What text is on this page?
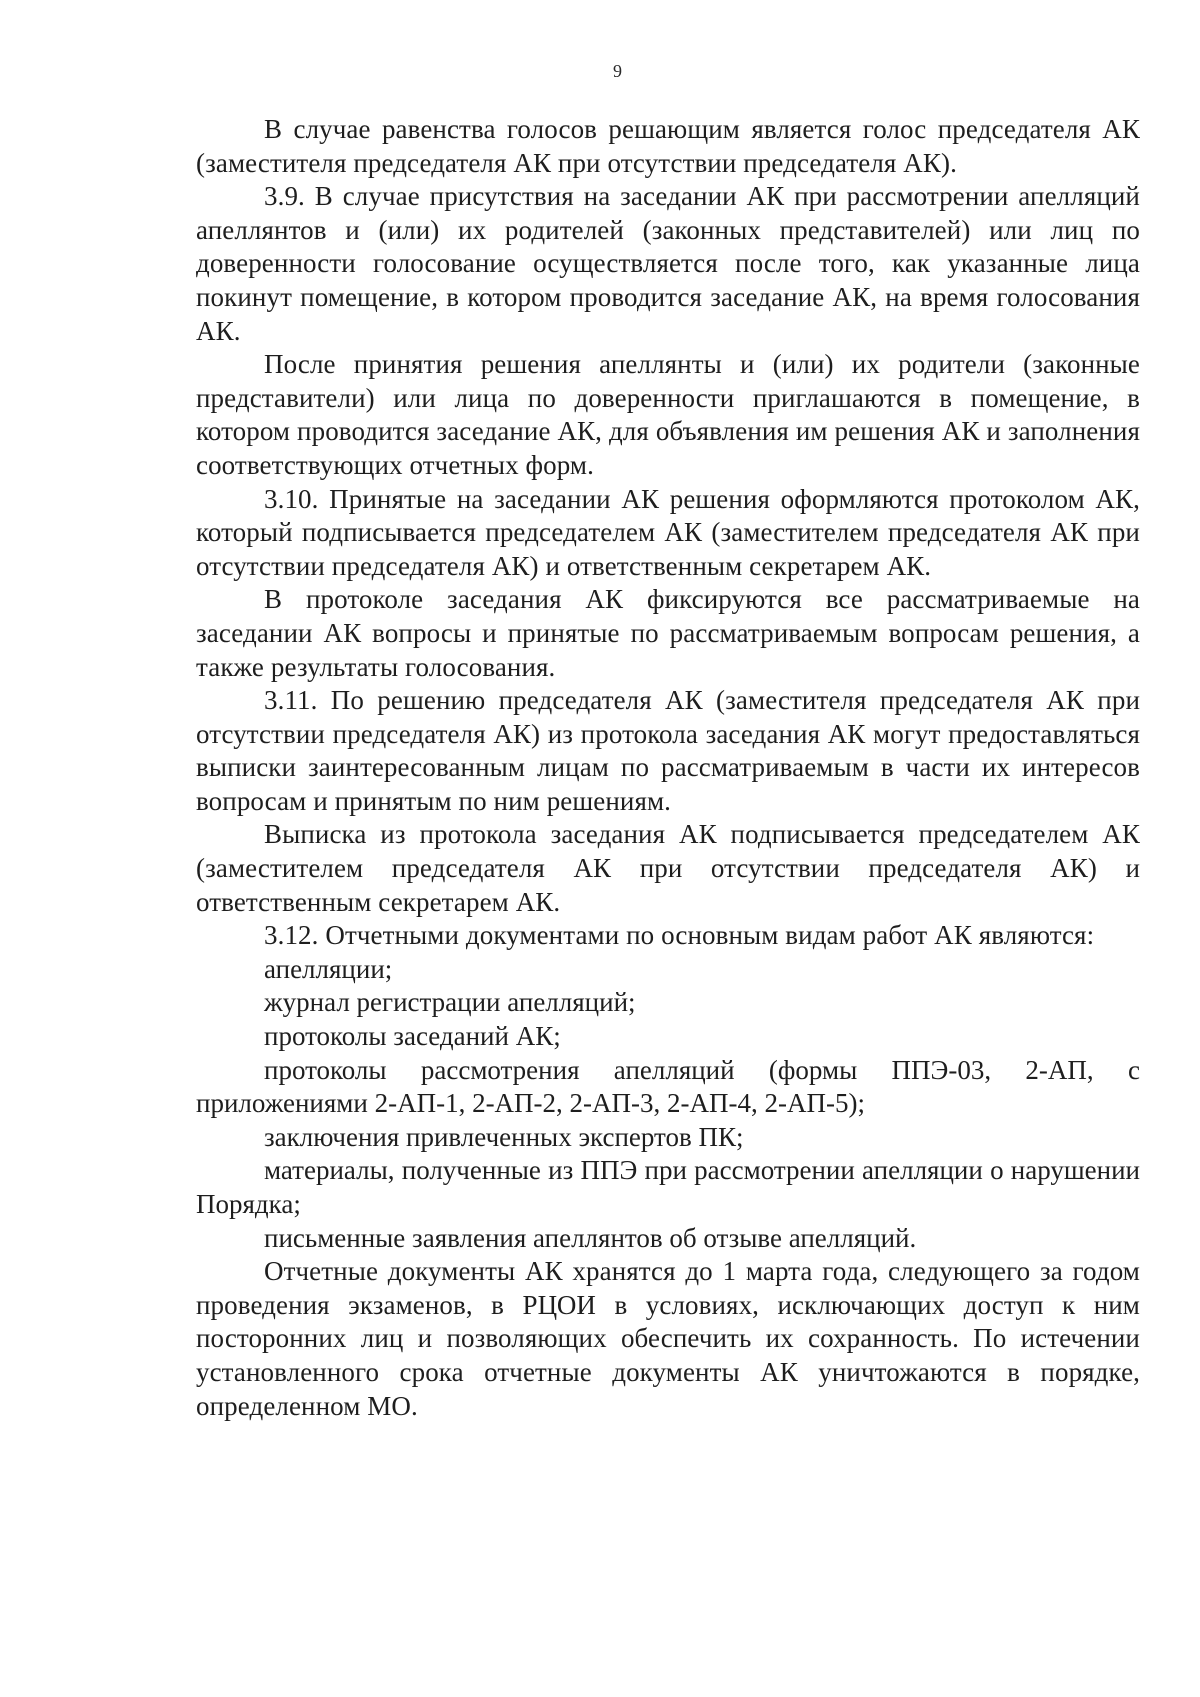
9

В случае равенства голосов решающим является голос председателя АК (заместителя председателя АК при отсутствии председателя АК).

3.9. В случае присутствия на заседании АК при рассмотрении апелляций апеллянтов и (или) их родителей (законных представителей) или лиц по доверенности голосование осуществляется после того, как указанные лица покинут помещение, в котором проводится заседание АК, на время голосования АК.

После принятия решения апеллянты и (или) их родители (законные представители) или лица по доверенности приглашаются в помещение, в котором проводится заседание АК, для объявления им решения АК и заполнения соответствующих отчетных форм.

3.10. Принятые на заседании АК решения оформляются протоколом АК, который подписывается председателем АК (заместителем председателя АК при отсутствии председателя АК) и ответственным секретарем АК.

В протоколе заседания АК фиксируются все рассматриваемые на заседании АК вопросы и принятые по рассматриваемым вопросам решения, а также результаты голосования.

3.11. По решению председателя АК (заместителя председателя АК при отсутствии председателя АК) из протокола заседания АК могут предоставляться выписки заинтересованным лицам по рассматриваемым в части их интересов вопросам и принятым по ним решениям.

Выписка из протокола заседания АК подписывается председателем АК (заместителем председателя АК при отсутствии председателя АК) и ответственным секретарем АК.

3.12. Отчетными документами по основным видам работ АК являются:

апелляции;

журнал регистрации апелляций;

протоколы заседаний АК;

протоколы рассмотрения апелляций (формы ППЭ-03, 2-АП, с приложениями 2-АП-1, 2-АП-2, 2-АП-3, 2-АП-4, 2-АП-5);

заключения привлеченных экспертов ПК;

материалы, полученные из ППЭ при рассмотрении апелляции о нарушении Порядка;

письменные заявления апеллянтов об отзыве апелляций.

Отчетные документы АК хранятся до 1 марта года, следующего за годом проведения экзаменов, в РЦОИ в условиях, исключающих доступ к ним посторонних лиц и позволяющих обеспечить их сохранность. По истечении установленного срока отчетные документы АК уничтожаются в порядке, определенном МО.
